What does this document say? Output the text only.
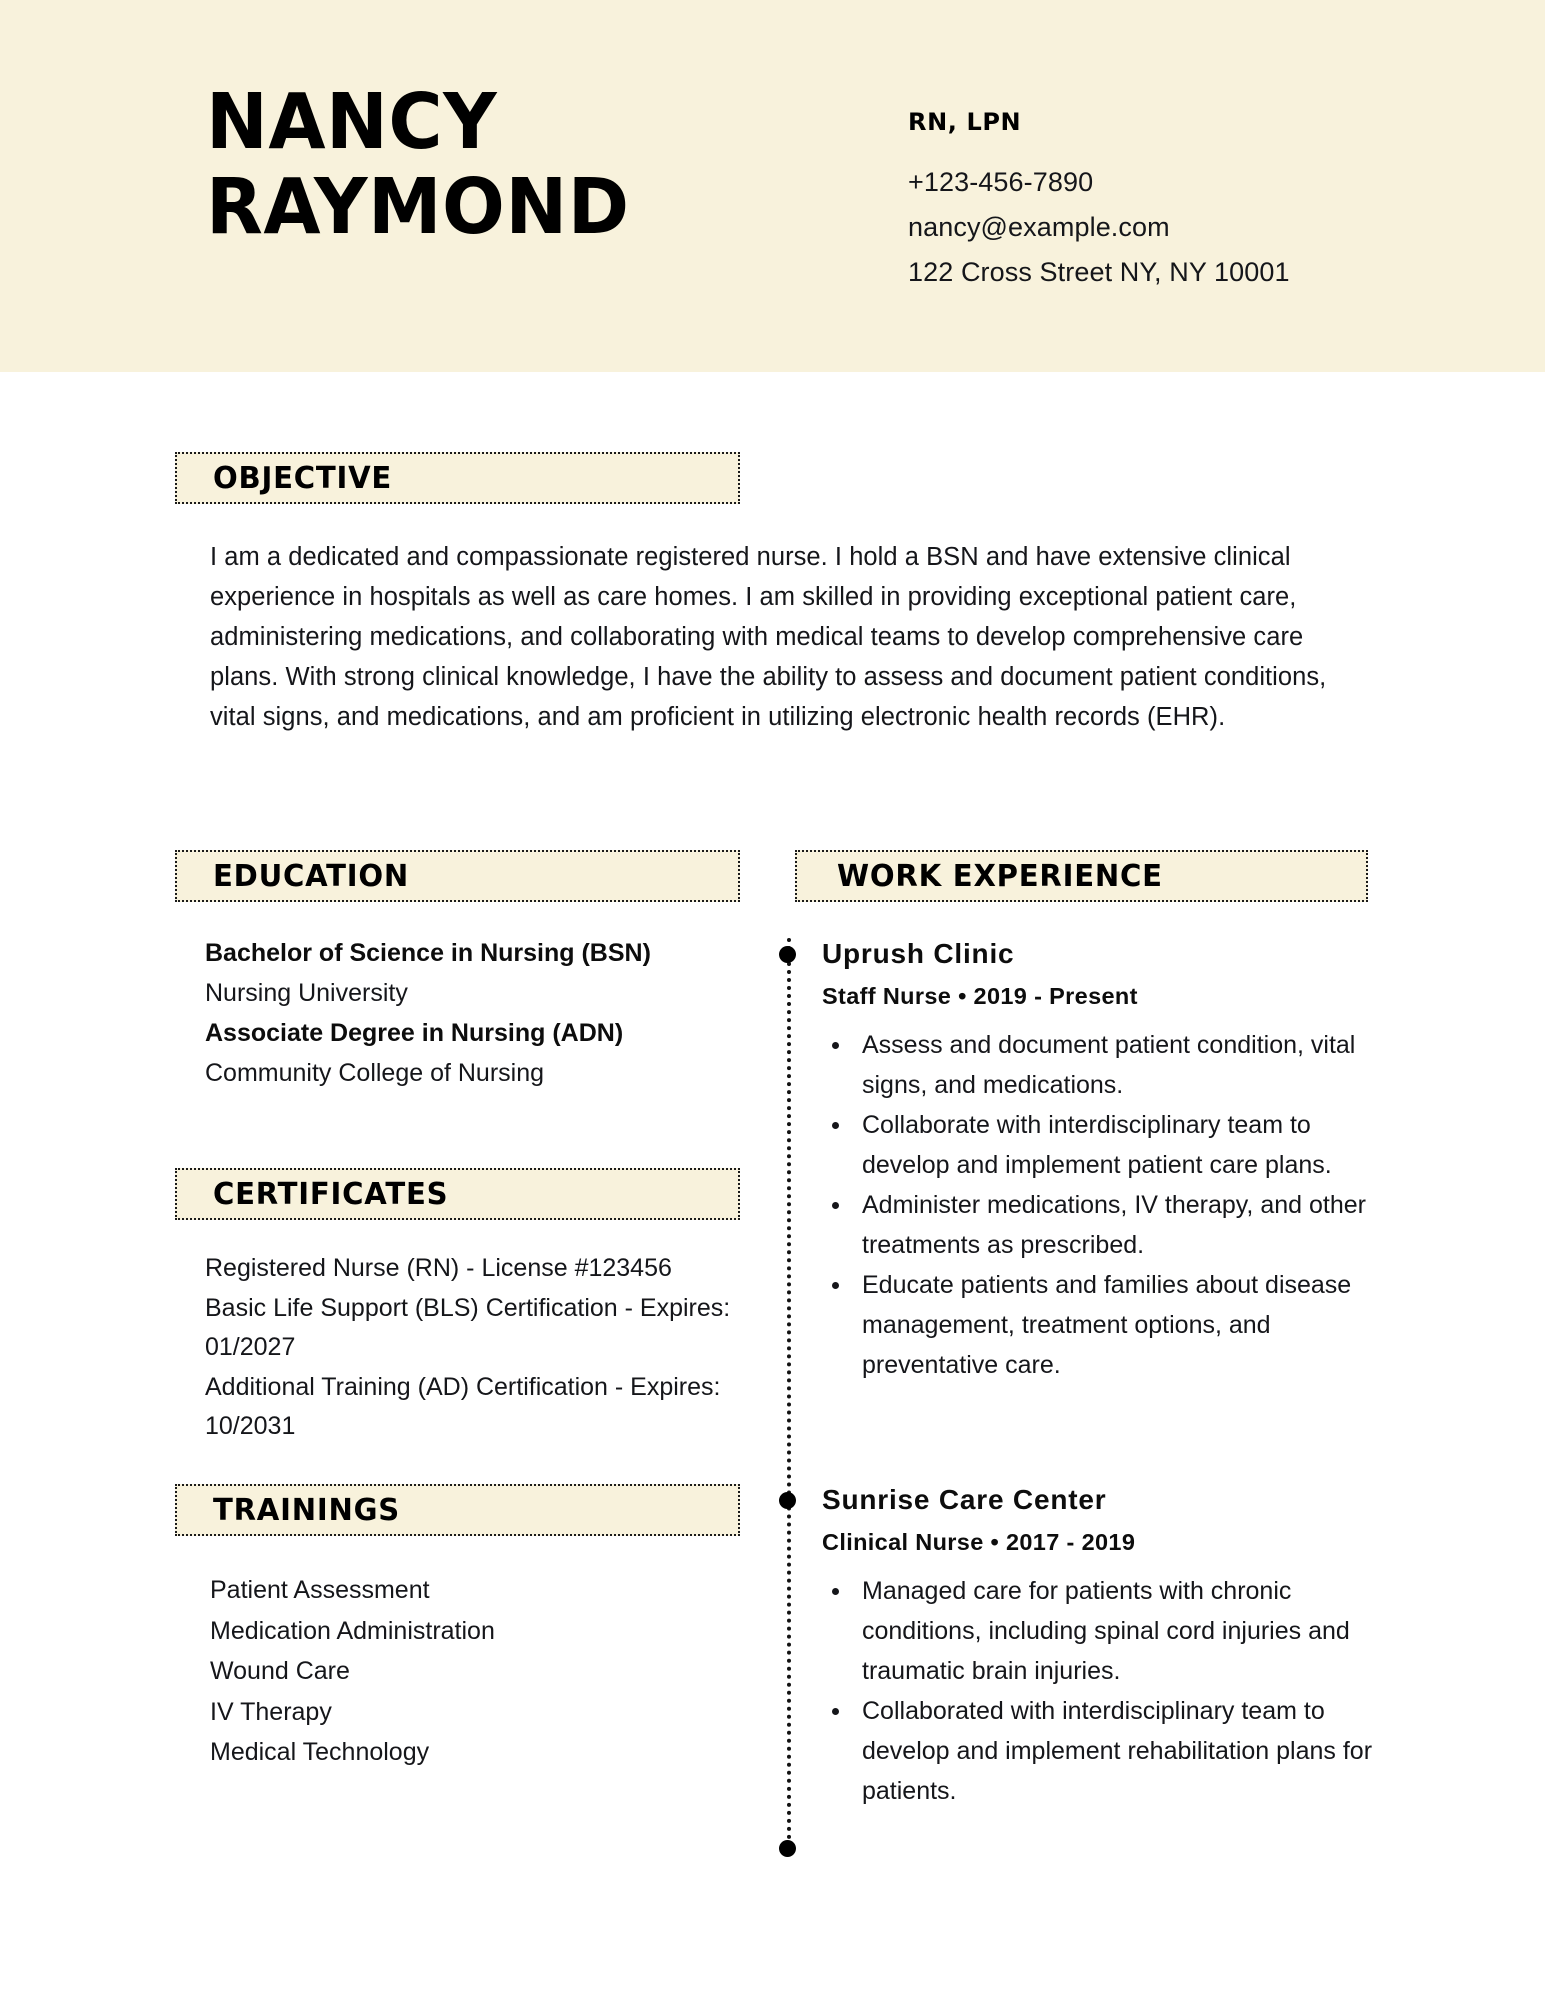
NANCY
RAYMOND
RN, LPN
+123-456-7890
nancy@example.com
122 Cross Street NY, NY 10001
OBJECTIVE
I am a dedicated and compassionate registered nurse. I hold a BSN and have extensive clinical experience in hospitals as well as care homes. I am skilled in providing exceptional patient care, administering medications, and collaborating with medical teams to develop comprehensive care plans. With strong clinical knowledge, I have the ability to assess and document patient conditions, vital signs, and medications, and am proficient in utilizing electronic health records (EHR).
EDUCATION
Bachelor of Science in Nursing (BSN)
Nursing University
Associate Degree in Nursing (ADN)
Community College of Nursing
CERTIFICATES
Registered Nurse (RN) - License #123456
Basic Life Support (BLS) Certification - Expires: 01/2027
Additional Training (AD) Certification - Expires: 10/2031
TRAININGS
Patient Assessment
Medication Administration
Wound Care
IV Therapy
Medical Technology
WORK EXPERIENCE
Uprush Clinic
Staff Nurse • 2019 - Present
Assess and document patient condition, vital signs, and medications.
Collaborate with interdisciplinary team to develop and implement patient care plans.
Administer medications, IV therapy, and other treatments as prescribed.
Educate patients and families about disease management, treatment options, and preventative care.
Sunrise Care Center
Clinical Nurse • 2017 - 2019
Managed care for patients with chronic conditions, including spinal cord injuries and traumatic brain injuries.
Collaborated with interdisciplinary team to develop and implement rehabilitation plans for patients.
